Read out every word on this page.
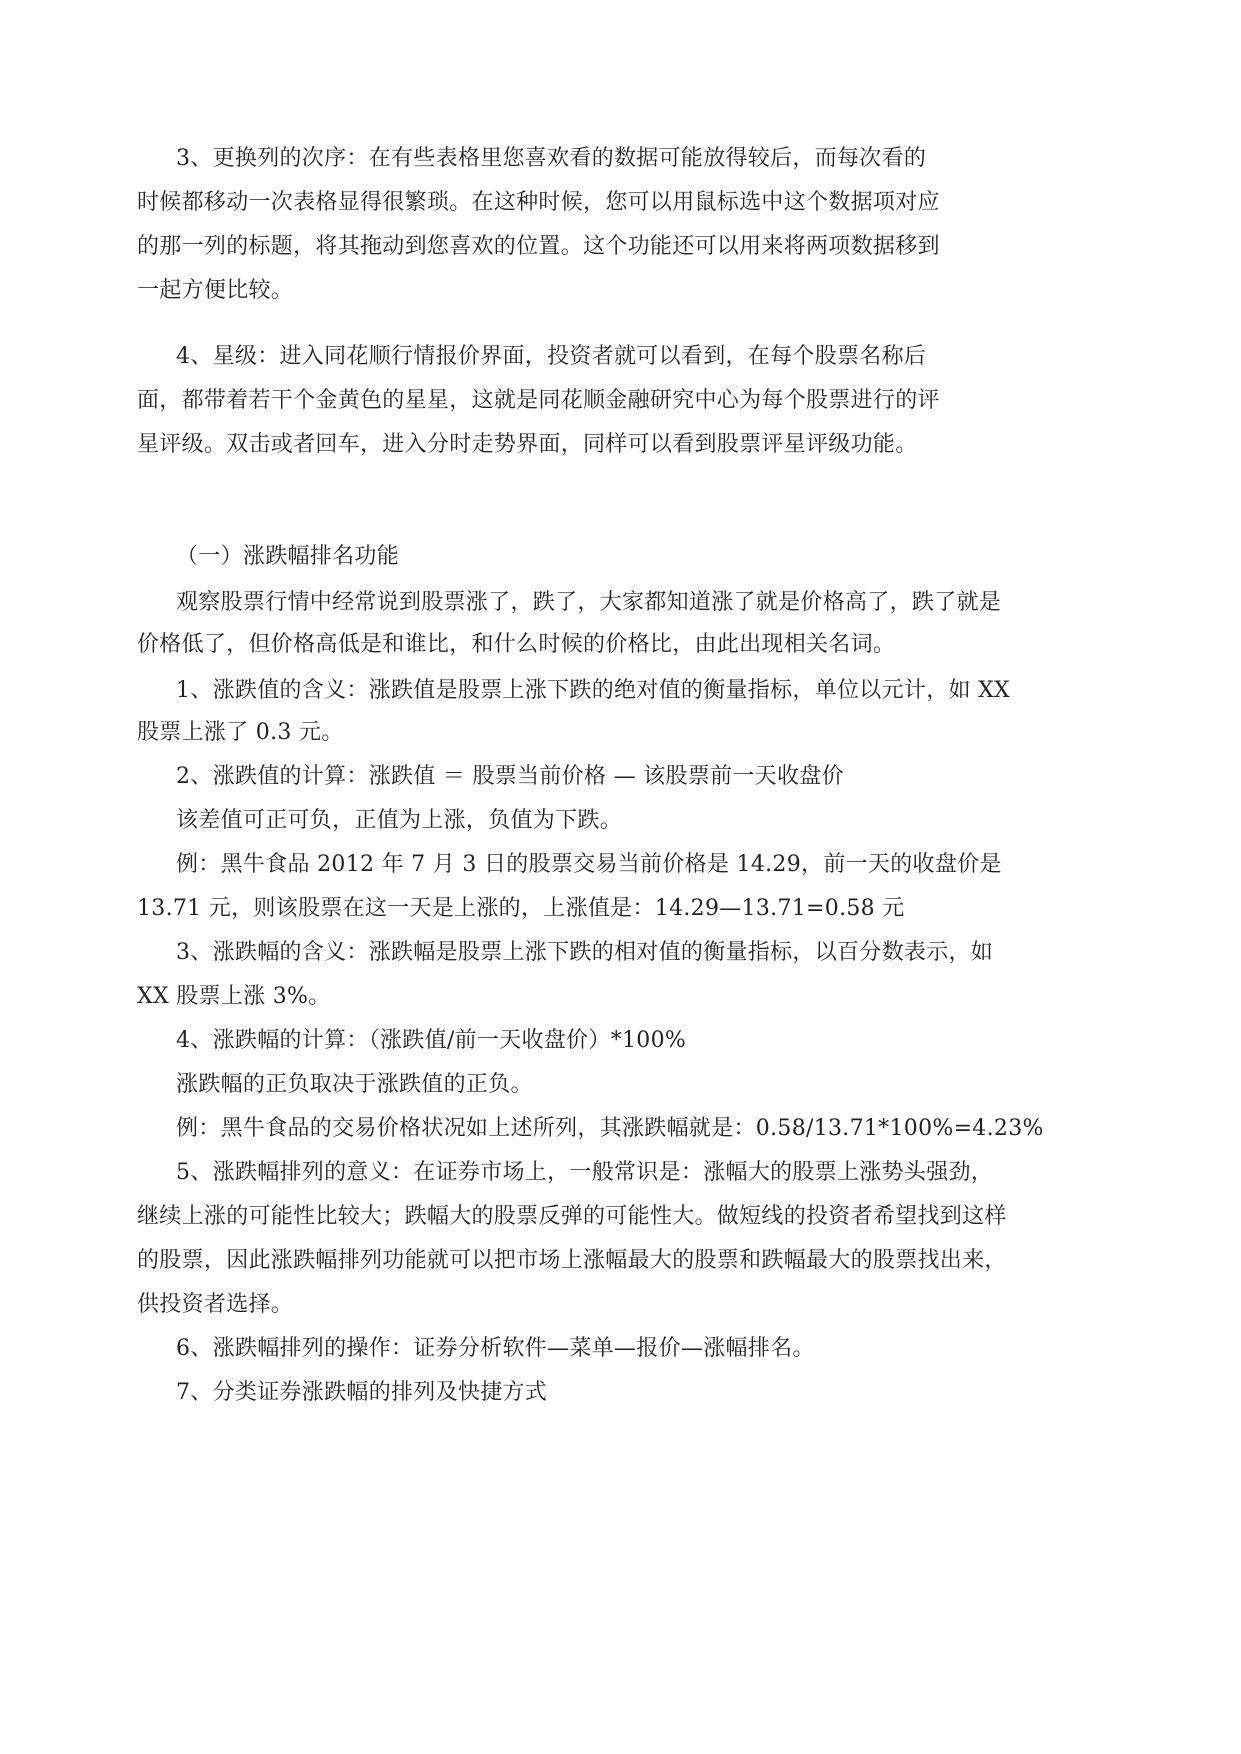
3、更换列的次序：在有些表格里您喜欢看的数据可能放得较后，而每次看的
时候都移动一次表格显得很繁琐。在这种时候，您可以用鼠标选中这个数据项对应
的那一列的标题，将其拖动到您喜欢的位置。这个功能还可以用来将两项数据移到
一起方便比较。
4、星级：进入同花顺行情报价界面，投资者就可以看到，在每个股票名称后
面，都带着若干个金黄色的星星，这就是同花顺金融研究中心为每个股票进行的评
星评级。双击或者回车，进入分时走势界面，同样可以看到股票评星评级功能。
（一）涨跌幅排名功能
观察股票行情中经常说到股票涨了，跌了，大家都知道涨了就是价格高了，跌了就是
价格低了，但价格高低是和谁比，和什么时候的价格比，由此出现相关名词。
1、涨跌值的含义：涨跌值是股票上涨下跌的绝对值的衡量指标，单位以元计，如 XX
股票上涨了 0.3 元。
2、涨跌值的计算：涨跌值 ＝ 股票当前价格 — 该股票前一天收盘价
该差值可正可负，正值为上涨，负值为下跌。
例：黑牛食品 2012 年 7 月 3 日的股票交易当前价格是 14.29，前一天的收盘价是
13.71 元，则该股票在这一天是上涨的，上涨值是：14.29—13.71=0.58 元
3、涨跌幅的含义：涨跌幅是股票上涨下跌的相对值的衡量指标，以百分数表示，如
XX 股票上涨 3%。
4、涨跌幅的计算：（涨跌值/前一天收盘价）*100%
涨跌幅的正负取决于涨跌值的正负。
例：黑牛食品的交易价格状况如上述所列，其涨跌幅就是：0.58/13.71*100%=4.23%
5、涨跌幅排列的意义：在证券市场上，一般常识是：涨幅大的股票上涨势头强劲，
继续上涨的可能性比较大；跌幅大的股票反弹的可能性大。做短线的投资者希望找到这样
的股票，因此涨跌幅排列功能就可以把市场上涨幅最大的股票和跌幅最大的股票找出来，
供投资者选择。
6、涨跌幅排列的操作：证券分析软件—菜单—报价—涨幅排名。
7、分类证券涨跌幅的排列及快捷方式
